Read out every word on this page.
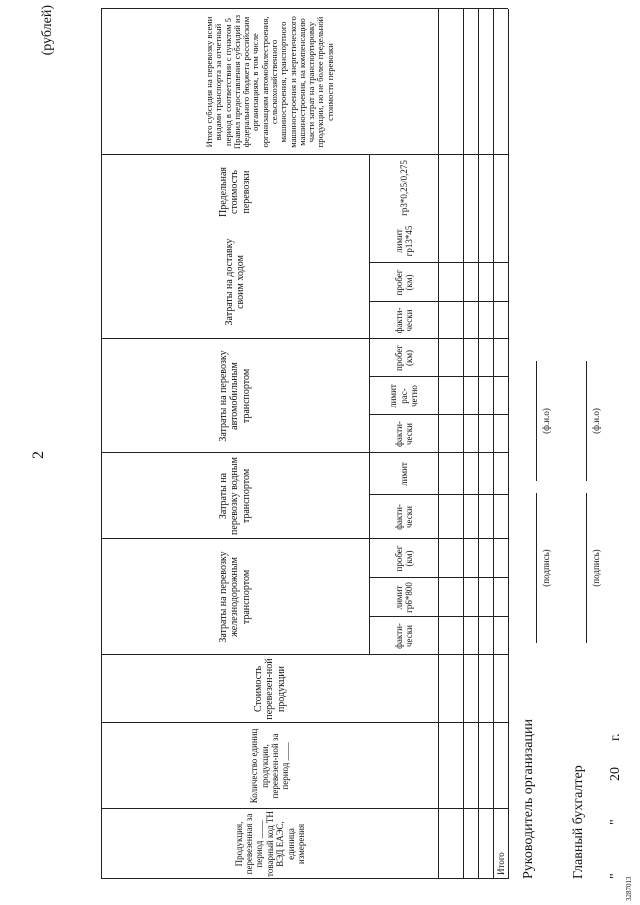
2
(рублей)
Продукция, перевезенная за период ____ товарный код ТН ВЭД ЕАЭС, единица измерения
Количество единиц продукции, перевезен-ной за период ____
Стоимость перевезен-ной продукции
Затраты на перевозку железнодорожным транспортом
Затраты на перевозку водным транспортом
Затраты на перевозку автомобильным транспортом
Затраты на доставку своим ходом
Предельная стоимость перевозки
Итого субсидия на перевозку всеми видами транспорта за отчетный период в соответствии с пунктом 5 Правил предоставления субсидий из федерального бюджета российским организациям, в том числе организациям автомобилестроения, сельскохозяйственного машиностроения, транспортного машиностроения и энергетического машиностроения, на компенсацию части затрат на транспортировку продукции, но не более предельной стоимости перевозки
факти-чески
лимит гр6*800
пробег (км)
факти-чески
лимит
факти-чески
лимит рас-четно
пробег (км)
факти-чески
пробег (км)
лимит гр13*45
гр3*0,25/0,275
Итого Руководитель организации
(подпись)
(ф.и.о)
Главный бухгалтер
(подпись)
(ф.и.о)
"
"
20
г.
3287013
